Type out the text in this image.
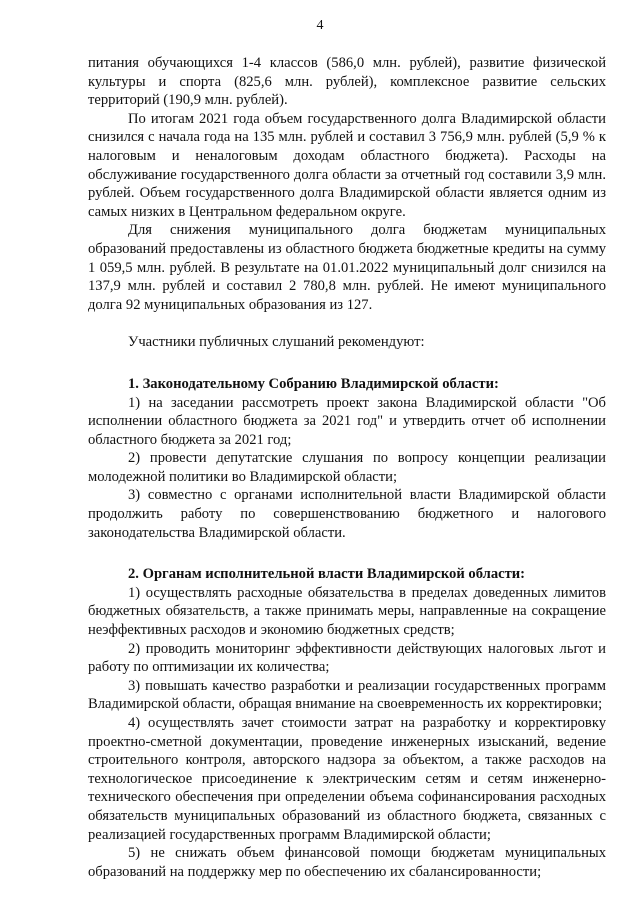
4

питания обучающихся 1-4 классов (586,0 млн. рублей), развитие физической культуры и спорта (825,6 млн. рублей), комплексное развитие сельских территорий (190,9 млн. рублей).

По итогам 2021 года объем государственного долга Владимирской области снизился с начала года на 135 млн. рублей и составил 3 756,9 млн. рублей (5,9 % к налоговым и неналоговым доходам областного бюджета). Расходы на обслуживание государственного долга области за отчетный год составили 3,9 млн. рублей. Объем государственного долга Владимирской области является одним из самых низких в Центральном федеральном округе.

Для снижения муниципального долга бюджетам муниципальных образований предоставлены из областного бюджета бюджетные кредиты на сумму 1 059,5 млн. рублей. В результате на 01.01.2022 муниципальный долг снизился на 137,9 млн. рублей и составил 2 780,8 млн. рублей. Не имеют муниципального долга 92 муниципальных образования из 127.

Участники публичных слушаний рекомендуют:

1. Законодательному Собранию Владимирской области:

1) на заседании рассмотреть проект закона Владимирской области "Об исполнении областного бюджета за 2021 год" и утвердить отчет об исполнении областного бюджета за 2021 год;

2) провести депутатские слушания по вопросу концепции реализации молодежной политики во Владимирской области;

3) совместно с органами исполнительной власти Владимирской области продолжить работу по совершенствованию бюджетного и налогового законодательства Владимирской области.

2. Органам исполнительной власти Владимирской области:

1) осуществлять расходные обязательства в пределах доведенных лимитов бюджетных обязательств, а также принимать меры, направленные на сокращение неэффективных расходов и экономию бюджетных средств;

2) проводить мониторинг эффективности действующих налоговых льгот и работу по оптимизации их количества;

3) повышать качество разработки и реализации государственных программ Владимирской области, обращая внимание на своевременность их корректировки;

4) осуществлять зачет стоимости затрат на разработку и корректировку проектно-сметной документации, проведение инженерных изысканий, ведение строительного контроля, авторского надзора за объектом, а также расходов на технологическое присоединение к электрическим сетям и сетям инженерно-технического обеспечения при определении объема софинансирования расходных обязательств муниципальных образований из областного бюджета, связанных с реализацией государственных программ Владимирской области;

5) не снижать объем финансовой помощи бюджетам муниципальных образований на поддержку мер по обеспечению их сбалансированности;
